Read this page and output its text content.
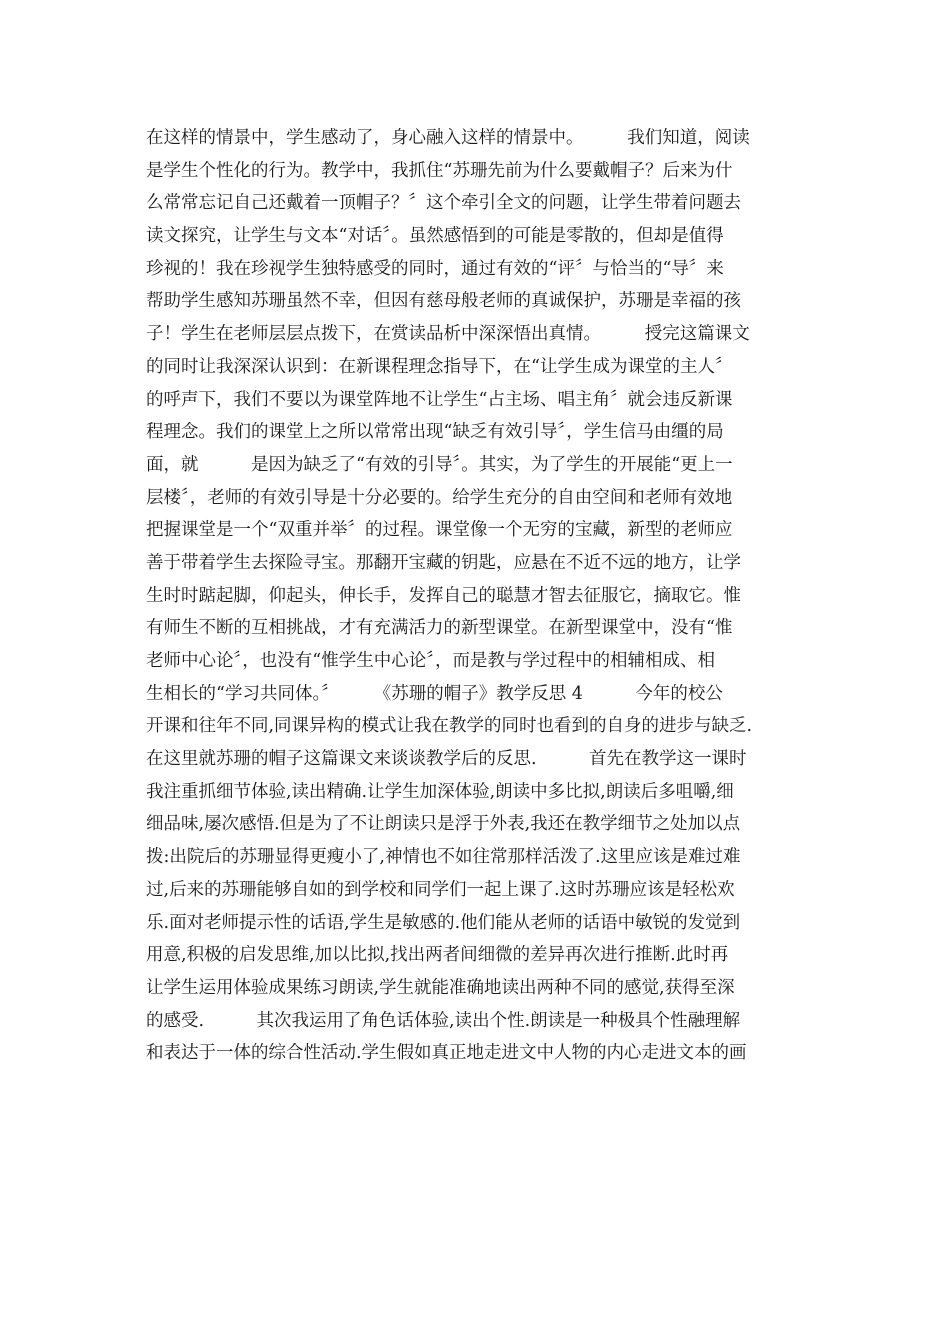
在这样的情景中，学生感动了，身心融入这样的情景中。　　　我们知道，阅读
是学生个性化的行为。教学中，我抓住“苏珊先前为什么要戴帽子？后来为什
么常常忘记自己还戴着一顶帽子？〞这个牵引全文的问题，让学生带着问题去
读文探究，让学生与文本“对话〞。虽然感悟到的可能是零散的，但却是值得
珍视的！我在珍视学生独特感受的同时，通过有效的“评〞与恰当的“导〞来
帮助学生感知苏珊虽然不幸，但因有慈母般老师的真诚保护，苏珊是幸福的孩
子！学生在老师层层点拨下，在赏读品析中深深悟出真情。　　　授完这篇课文
的同时让我深深认识到：在新课程理念指导下，在“让学生成为课堂的主人〞
的呼声下，我们不要以为课堂阵地不让学生“占主场、唱主角〞就会违反新课
程理念。我们的课堂上之所以常常出现“缺乏有效引导〞，学生信马由缰的局
面，就　　　是因为缺乏了“有效的引导〞。其实，为了学生的开展能“更上一
层楼〞，老师的有效引导是十分必要的。给学生充分的自由空间和老师有效地
把握课堂是一个“双重并举〞的过程。课堂像一个无穷的宝藏，新型的老师应
善于带着学生去探险寻宝。那翻开宝藏的钥匙，应悬在不近不远的地方，让学
生时时踮起脚，仰起头，伸长手，发挥自己的聪慧才智去征服它，摘取它。惟
有师生不断的互相挑战，才有充满活力的新型课堂。在新型课堂中，没有“惟
老师中心论〞，也没有“惟学生中心论〞，而是教与学过程中的相辅相成、相
生相长的“学习共同体。〞　　　《苏珊的帽子》教学反思 4　　　今年的校公
开课和往年不同,同课异构的模式让我在教学的同时也看到的自身的进步与缺乏.
在这里就苏珊的帽子这篇课文来谈谈教学后的反思.　　　首先在教学这一课时
我注重抓细节体验,读出精确.让学生加深体验,朗读中多比拟,朗读后多咀嚼,细
细品味,屡次感悟.但是为了不让朗读只是浮于外表,我还在教学细节之处加以点
拨:出院后的苏珊显得更瘦小了,神情也不如往常那样活泼了.这里应该是难过难
过,后来的苏珊能够自如的到学校和同学们一起上课了.这时苏珊应该是轻松欢
乐.面对老师提示性的话语,学生是敏感的.他们能从老师的话语中敏锐的发觉到
用意,积极的启发思维,加以比拟,找出两者间细微的差异再次进行推断.此时再
让学生运用体验成果练习朗读,学生就能准确地读出两种不同的感觉,获得至深
的感受.　　　其次我运用了角色话体验,读出个性.朗读是一种极具个性融理解
和表达于一体的综合性活动.学生假如真正地走进文中人物的内心走进文本的画
